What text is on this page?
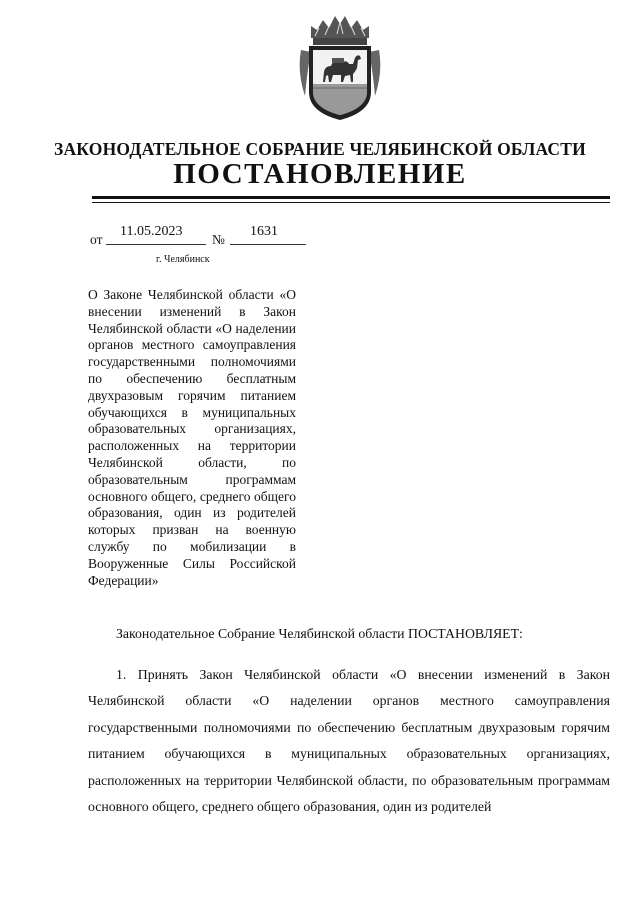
ЗАКОНОДАТЕЛЬНОЕ СОБРАНИЕ ЧЕЛЯБИНСКОЙ ОБЛАСТИ
ПОСТАНОВЛЕНИЕ
от
11.05.2023
№
1631
г. Челябинск
О Законе Челябинской области «О внесении изменений в Закон Челябинской области «О наделении органов местного самоуправления государственными полномочиями по обеспечению бесплатным двухразовым горячим питанием обучающихся в муниципальных образовательных организациях, расположенных на территории Челябинской области, по образовательным программам основного общего, среднего общего образования, один из родителей которых призван на военную службу по мобилизации в Вооруженные Силы Российской Федерации»
Законодательное Собрание Челябинской области ПОСТАНОВЛЯЕТ:
1. Принять Закон Челябинской области «О внесении изменений в Закон Челябинской области «О наделении органов местного самоуправления государственными полномочиями по обеспечению бесплатным двухразовым горячим питанием обучающихся в муниципальных образовательных организациях, расположенных на территории Челябинской области, по образовательным программам основного общего, среднего общего образования, один из родителей
